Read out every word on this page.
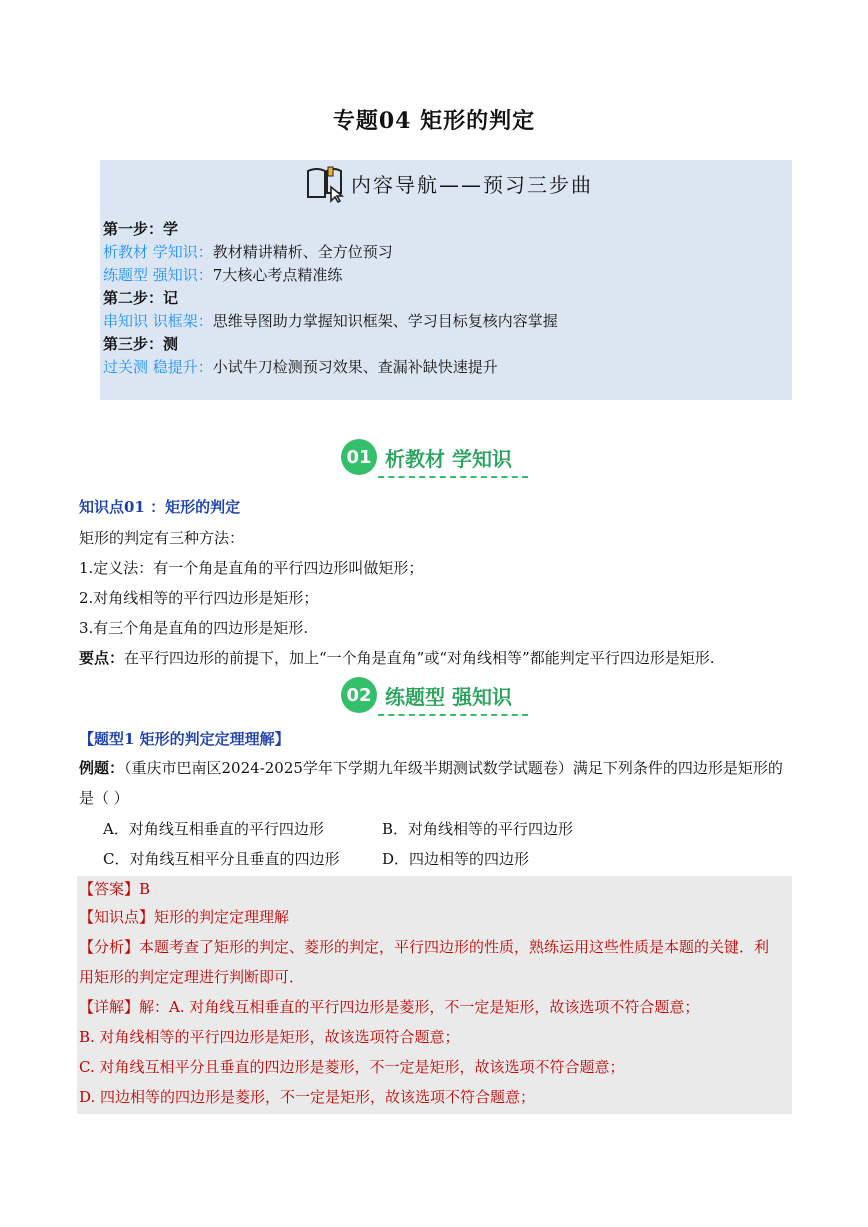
专题04 矩形的判定
内容导航——预习三步曲
第一步：学
析教材 学知识：教材精讲精析、全方位预习
练题型 强知识：7大核心考点精准练
第二步：记
串知识 识框架：思维导图助力掌握知识框架、学习目标复核内容掌握
第三步：测
过关测 稳提升：小试牛刀检测预习效果、查漏补缺快速提升
01 析教材 学知识
知识点01 ：矩形的判定
矩形的判定有三种方法：
1.定义法：有一个角是直角的平行四边形叫做矩形；
2.对角线相等的平行四边形是矩形；
3.有三个角是直角的四边形是矩形.
要点：在平行四边形的前提下，加上“一个角是直角”或“对角线相等”都能判定平行四边形是矩形.
02 练题型 强知识
【题型1 矩形的判定定理理解】
例题：（重庆市巴南区2024-2025学年下学期九年级半期测试数学试题卷）满足下列条件的四边形是矩形的
是（ ）
A．对角线互相垂直的平行四边形	B．对角线相等的平行四边形
C．对角线互相平分且垂直的四边形	D．四边相等的四边形
【答案】B
【知识点】矩形的判定定理理解
【分析】本题考查了矩形的判定、菱形的判定，平行四边形的性质，熟练运用这些性质是本题的关键．利
用矩形的判定定理进行判断即可．
【详解】解：A. 对角线互相垂直的平行四边形是菱形，不一定是矩形，故该选项不符合题意；
B. 对角线相等的平行四边形是矩形，故该选项符合题意；
C. 对角线互相平分且垂直的四边形是菱形，不一定是矩形，故该选项不符合题意；
D. 四边相等的四边形是菱形，不一定是矩形，故该选项不符合题意；
